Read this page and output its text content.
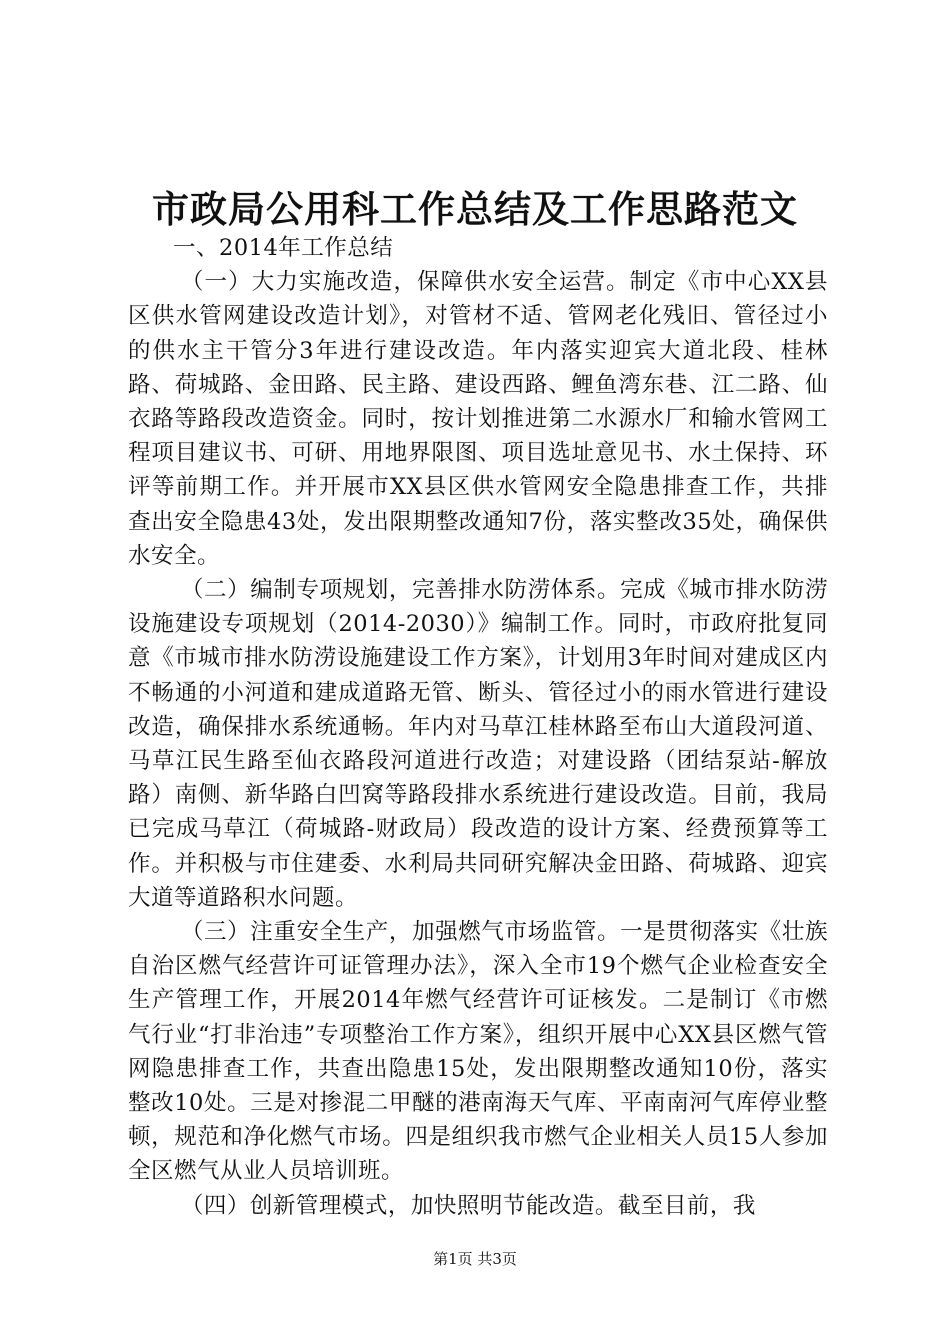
市政局公用科工作总结及工作思路范文

一、2014年工作总结

（一）大力实施改造，保障供水安全运营。制定《市中心XX县区供水管网建设改造计划》，对管材不适、管网老化残旧、管径过小的供水主干管分3年进行建设改造。年内落实迎宾大道北段、桂林路、荷城路、金田路、民主路、建设西路、鲤鱼湾东巷、江二路、仙衣路等路段改造资金。同时，按计划推进第二水源水厂和输水管网工程项目建议书、可研、用地界限图、项目选址意见书、水土保持、环评等前期工作。并开展市XX县区供水管网安全隐患排查工作，共排查出安全隐患43处，发出限期整改通知7份，落实整改35处，确保供水安全。

（二）编制专项规划，完善排水防涝体系。完成《城市排水防涝设施建设专项规划（2014-2030）》编制工作。同时，市政府批复同意《市城市排水防涝设施建设工作方案》，计划用3年时间对建成区内不畅通的小河道和建成道路无管、断头、管径过小的雨水管进行建设改造，确保排水系统通畅。年内对马草江桂林路至布山大道段河道、马草江民生路至仙衣路段河道进行改造；对建设路（团结泵站-解放路）南侧、新华路白凹窝等路段排水系统进行建设改造。目前，我局已完成马草江（荷城路-财政局）段改造的设计方案、经费预算等工作。并积极与市住建委、水利局共同研究解决金田路、荷城路、迎宾大道等道路积水问题。

（三）注重安全生产，加强燃气市场监管。一是贯彻落实《壮族自治区燃气经营许可证管理办法》，深入全市19个燃气企业检查安全生产管理工作，开展2014年燃气经营许可证核发。二是制订《市燃气行业“打非治违”专项整治工作方案》，组织开展中心XX县区燃气管网隐患排查工作，共查出隐患15处，发出限期整改通知10份，落实整改10处。三是对掺混二甲醚的港南海天气库、平南南河气库停业整顿，规范和净化燃气市场。四是组织我市燃气企业相关人员15人参加全区燃气从业人员培训班。

（四）创新管理模式，加快照明节能改造。截至目前，我

第1页 共3页
